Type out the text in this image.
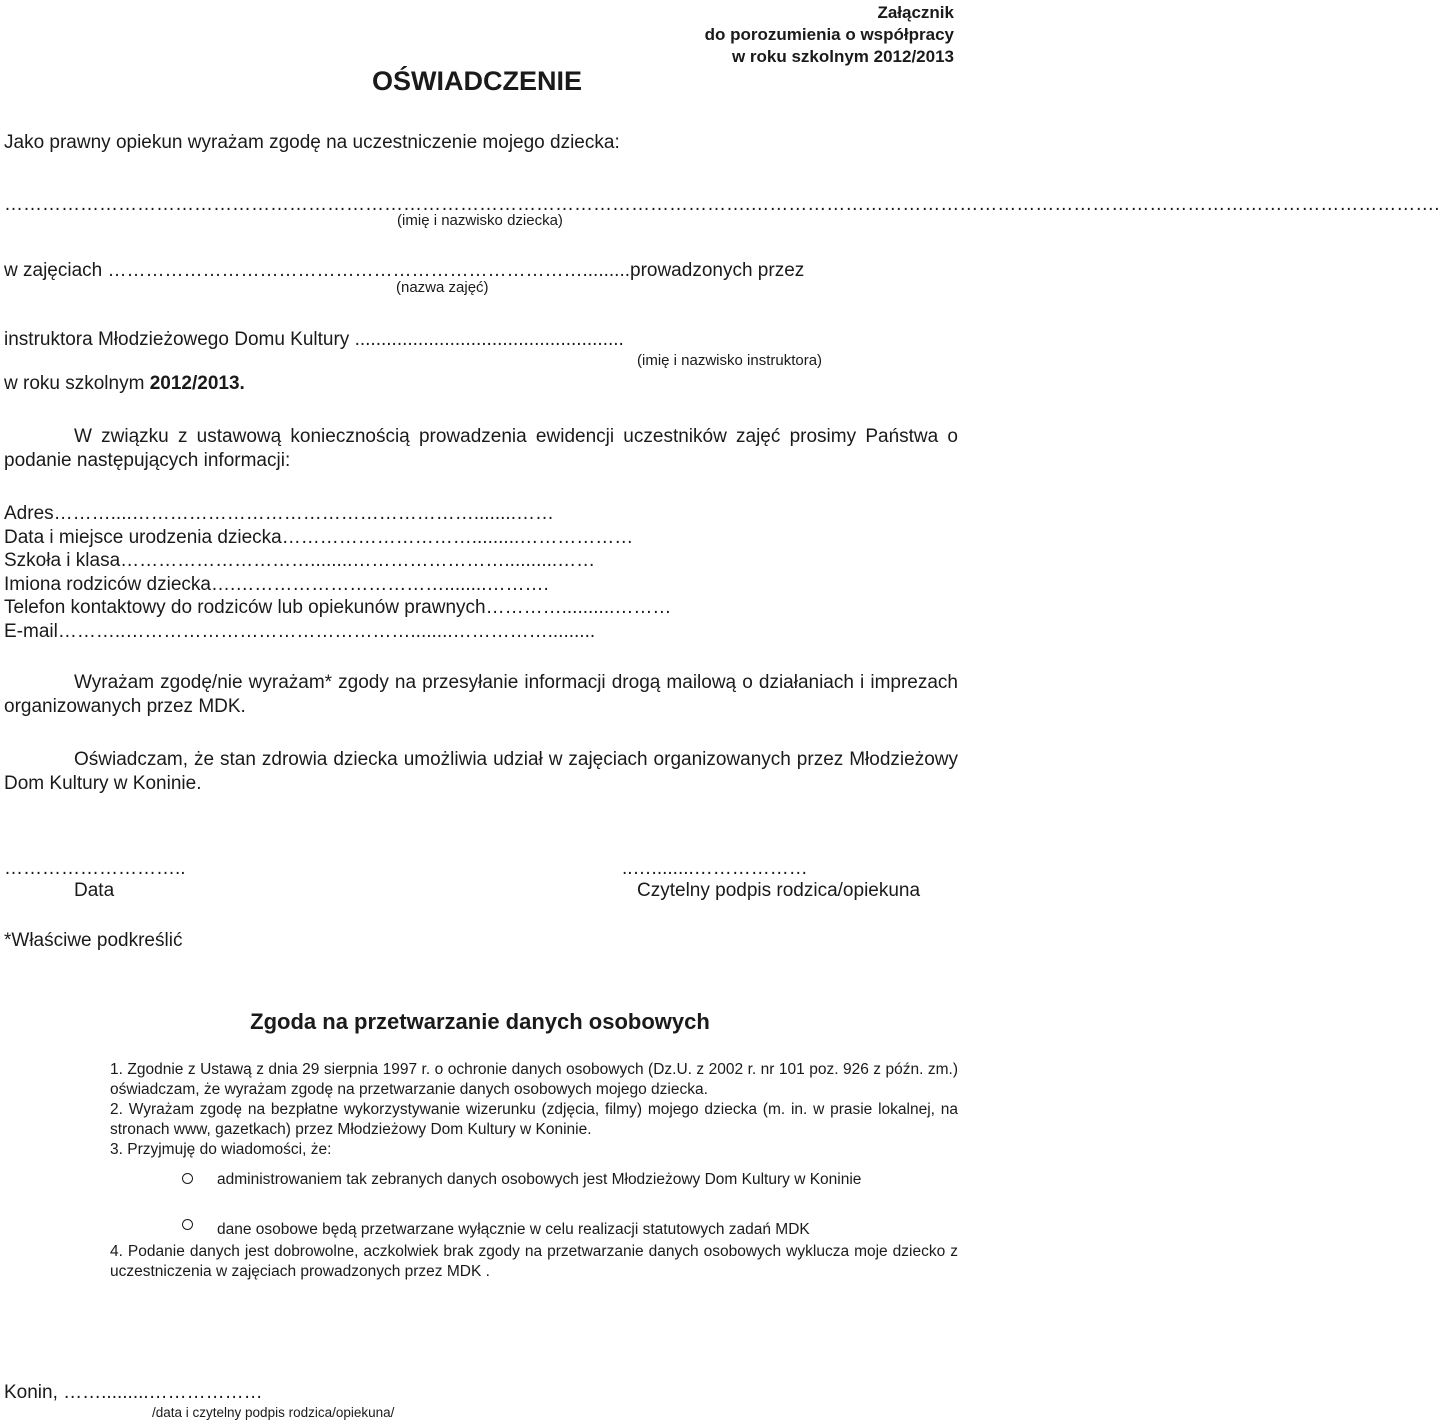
Załącznik
do porozumienia o współpracy
w roku szkolnym 2012/2013
OŚWIADCZENIE
Jako prawny opiekun wyrażam zgodę na uczestniczenie mojego dziecka:
……………………………………………………………………………………………………….……………………………………………………………………………………………….
(imię i nazwisko dziecka)
w zajęciach ………………………………………………………………….........prowadzonych przez
(nazwa zajęć)
instruktora Młodzieżowego Domu Kultury ...................................................
(imię i nazwisko instruktora)
w roku szkolnym 2012/2013.
W związku z ustawową koniecznością prowadzenia ewidencji uczestników zajęć prosimy Państwa o podanie następujących informacji:
Adres………....………………………………………………........……
Data i miejsce urodzenia dziecka………………………….........………………
Szkoła i klasa…………………………........……………………..........……
Imiona rodziców dziecka….……………………………........……….
Telefon kontaktowy do rodziców lub opiekunów prawnych…………..........………
E-mail………..………………………………………........…………….........
Wyrażam zgodę/nie wyrażam* zgody na przesyłanie informacji drogą mailową o działaniach i imprezach organizowanych przez MDK.
Oświadczam, że stan zdrowia dziecka umożliwia udział w zajęciach organizowanych przez Młodzieżowy Dom Kultury w Koninie.
………………………..
Data
..…........………………
Czytelny podpis rodzica/opiekuna
*Właściwe podkreślić
Zgoda na przetwarzanie danych osobowych

1. Zgodnie z Ustawą z dnia 29 sierpnia 1997 r. o ochronie danych osobowych (Dz.U. z 2002 r. nr 101 poz. 926 z późn. zm.) oświadczam, że wyrażam zgodę na przetwarzanie danych osobowych mojego dziecka.

2. Wyrażam zgodę na bezpłatne wykorzystywanie wizerunku (zdjęcia, filmy) mojego dziecka (m. in. w prasie lokalnej, na stronach www, gazetkach) przez Młodzieżowy Dom Kultury w Koninie.

3. Przyjmuję do wiadomości, że:

administrowaniem tak zebranych danych osobowych jest Młodzieżowy Dom Kultury w Koninie
dane osobowe będą przetwarzane wyłącznie w celu realizacji statutowych zadań MDK
4. Podanie danych jest dobrowolne, aczkolwiek brak zgody na przetwarzanie danych osobowych wyklucza moje dziecko z uczestniczenia w zajęciach prowadzonych przez MDK .
Konin, …….........………………
/data i czytelny podpis rodzica/opiekuna/
